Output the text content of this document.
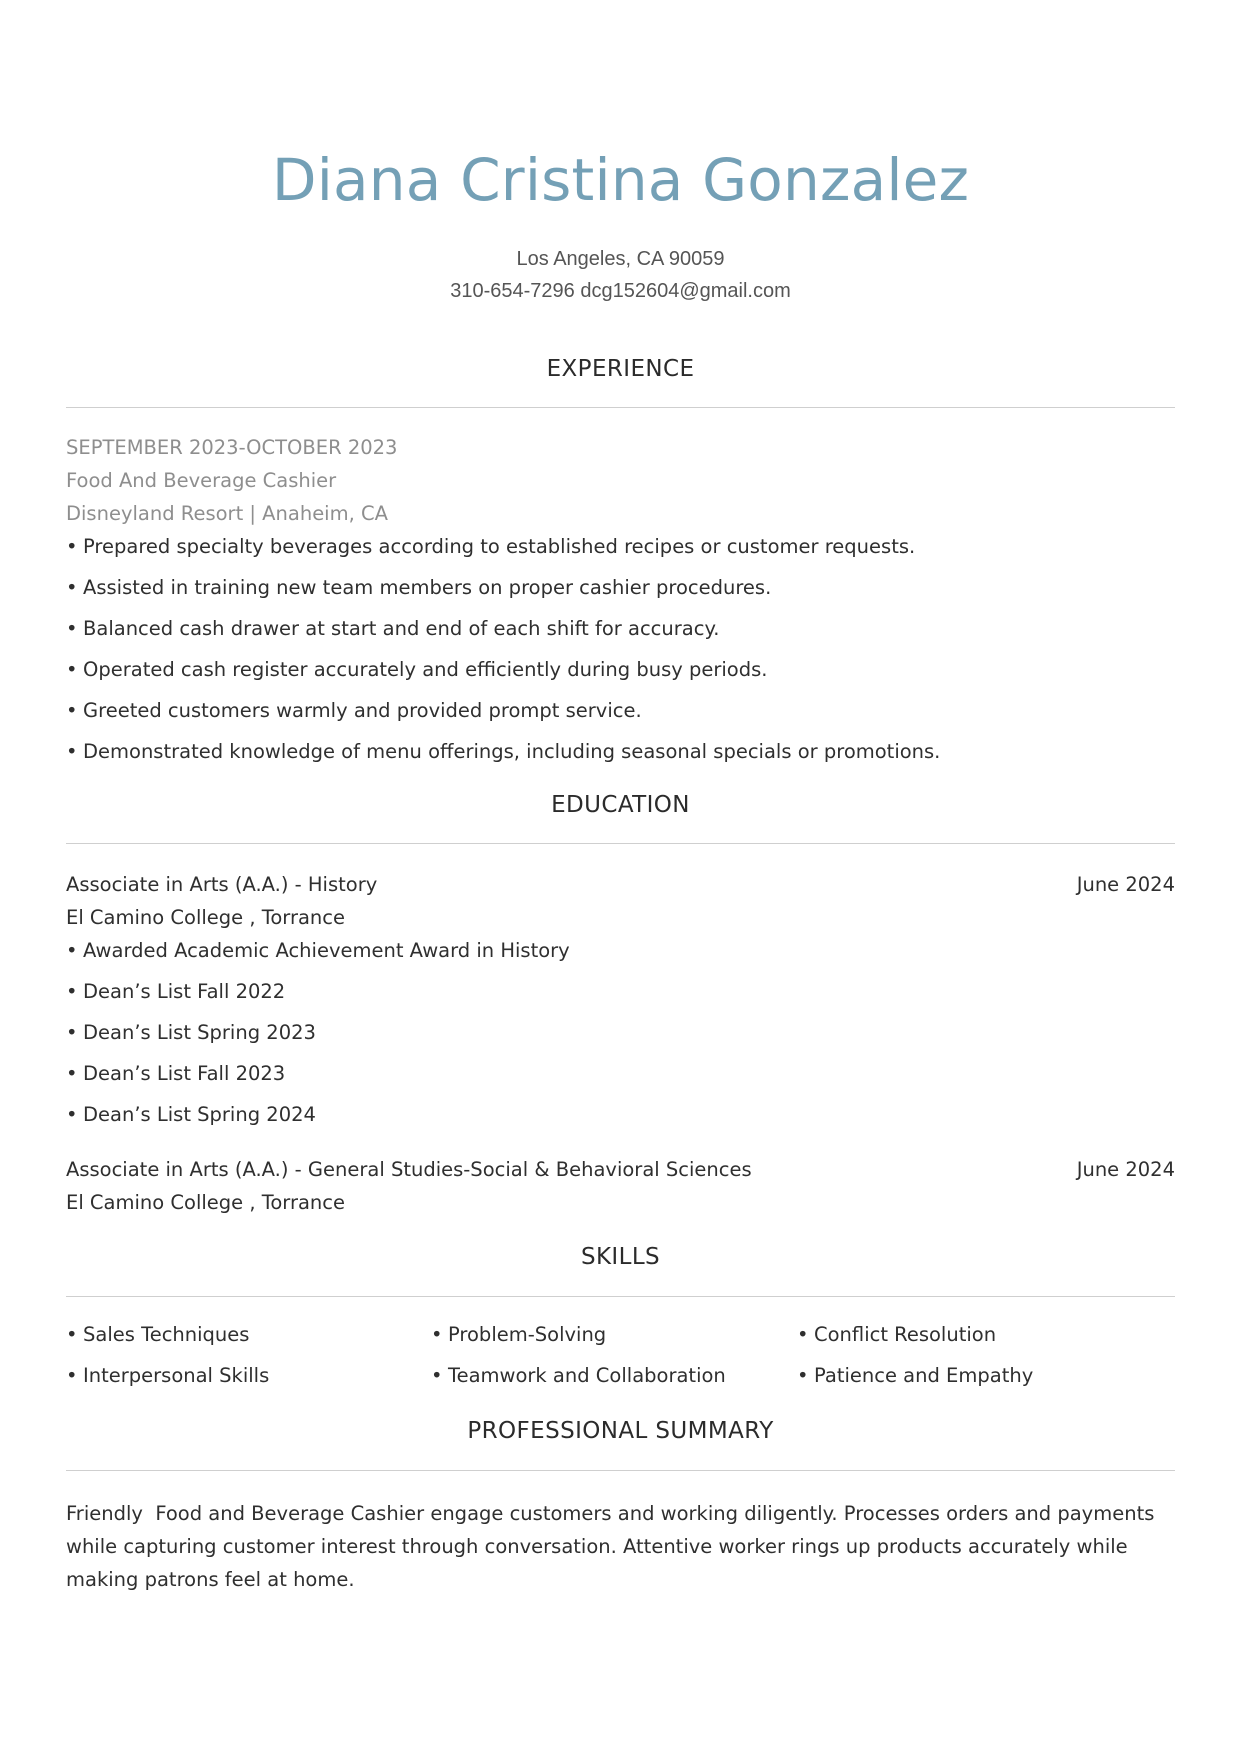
Diana Cristina Gonzalez
Los Angeles, CA 90059
310-654-7296 dcg152604@gmail.com
EXPERIENCE
SEPTEMBER 2023-OCTOBER 2023
Food And Beverage Cashier
Disneyland Resort | Anaheim, CA
• Prepared specialty beverages according to established recipes or customer requests.
• Assisted in training new team members on proper cashier procedures.
• Balanced cash drawer at start and end of each shift for accuracy.
• Operated cash register accurately and efficiently during busy periods.
• Greeted customers warmly and provided prompt service.
• Demonstrated knowledge of menu offerings, including seasonal specials or promotions.
EDUCATION
Associate in Arts (A.A.) - History	June 2024
El Camino College , Torrance
• Awarded Academic Achievement Award in History
• Dean’s List Fall 2022
• Dean’s List Spring 2023
• Dean’s List Fall 2023
• Dean’s List Spring 2024
Associate in Arts (A.A.) - General Studies-Social & Behavioral Sciences	June 2024
El Camino College , Torrance
SKILLS
• Sales Techniques	• Problem-Solving	• Conflict Resolution
• Interpersonal Skills	• Teamwork and Collaboration	• Patience and Empathy
PROFESSIONAL SUMMARY
Friendly  Food and Beverage Cashier engage customers and working diligently. Processes orders and payments while capturing customer interest through conversation. Attentive worker rings up products accurately while making patrons feel at home.
